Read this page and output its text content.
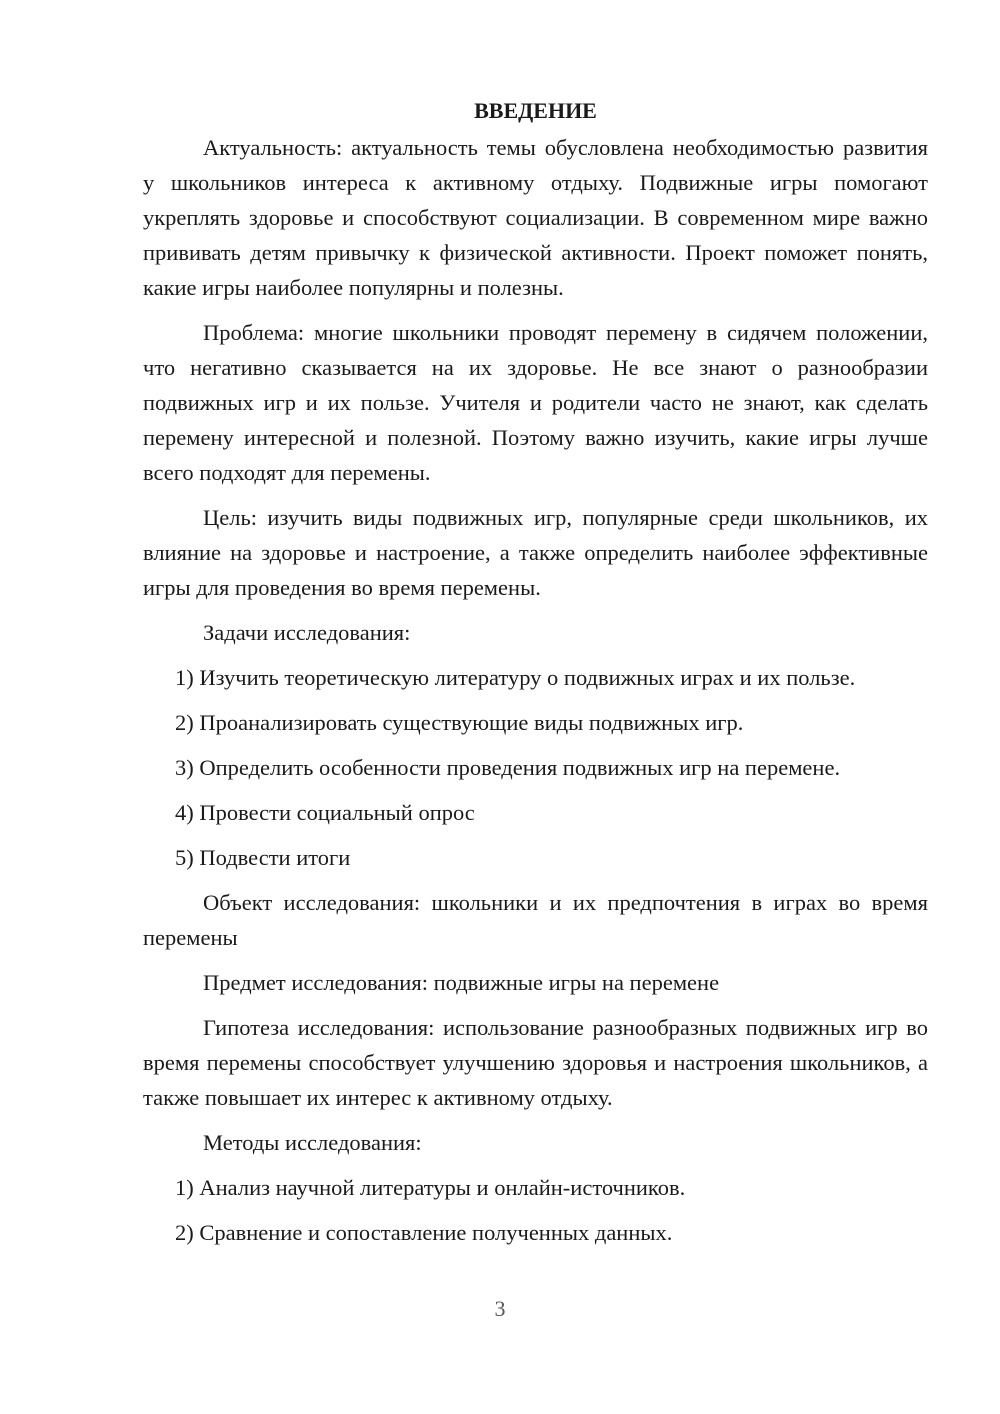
ВВЕДЕНИЕ

Актуальность: актуальность темы обусловлена необходимостью развития у школьников интереса к активному отдыху. Подвижные игры помогают укреплять здоровье и способствуют социализации. В современном мире важно прививать детям привычку к физической активности. Проект поможет понять, какие игры наиболее популярны и полезны.

Проблема: многие школьники проводят перемену в сидячем положении, что негативно сказывается на их здоровье. Не все знают о разнообразии подвижных игр и их пользе. Учителя и родители часто не знают, как сделать перемену интересной и полезной. Поэтому важно изучить, какие игры лучше всего подходят для перемены.

Цель: изучить виды подвижных игр, популярные среди школьников, их влияние на здоровье и настроение, а также определить наиболее эффективные игры для проведения во время перемены.

Задачи исследования:
1) Изучить теоретическую литературу о подвижных играх и их пользе.
2) Проанализировать существующие виды подвижных игр.
3) Определить особенности проведения подвижных игр на перемене.
4) Провести социальный опрос
5) Подвести итоги

Объект исследования: школьники и их предпочтения в играх во время перемены

Предмет исследования: подвижные игры на перемене

Гипотеза исследования: использование разнообразных подвижных игр во время перемены способствует улучшению здоровья и настроения школьников, а также повышает их интерес к активному отдыху.

Методы исследования:
1) Анализ научной литературы и онлайн-источников.
2) Сравнение и сопоставление полученных данных.
3
